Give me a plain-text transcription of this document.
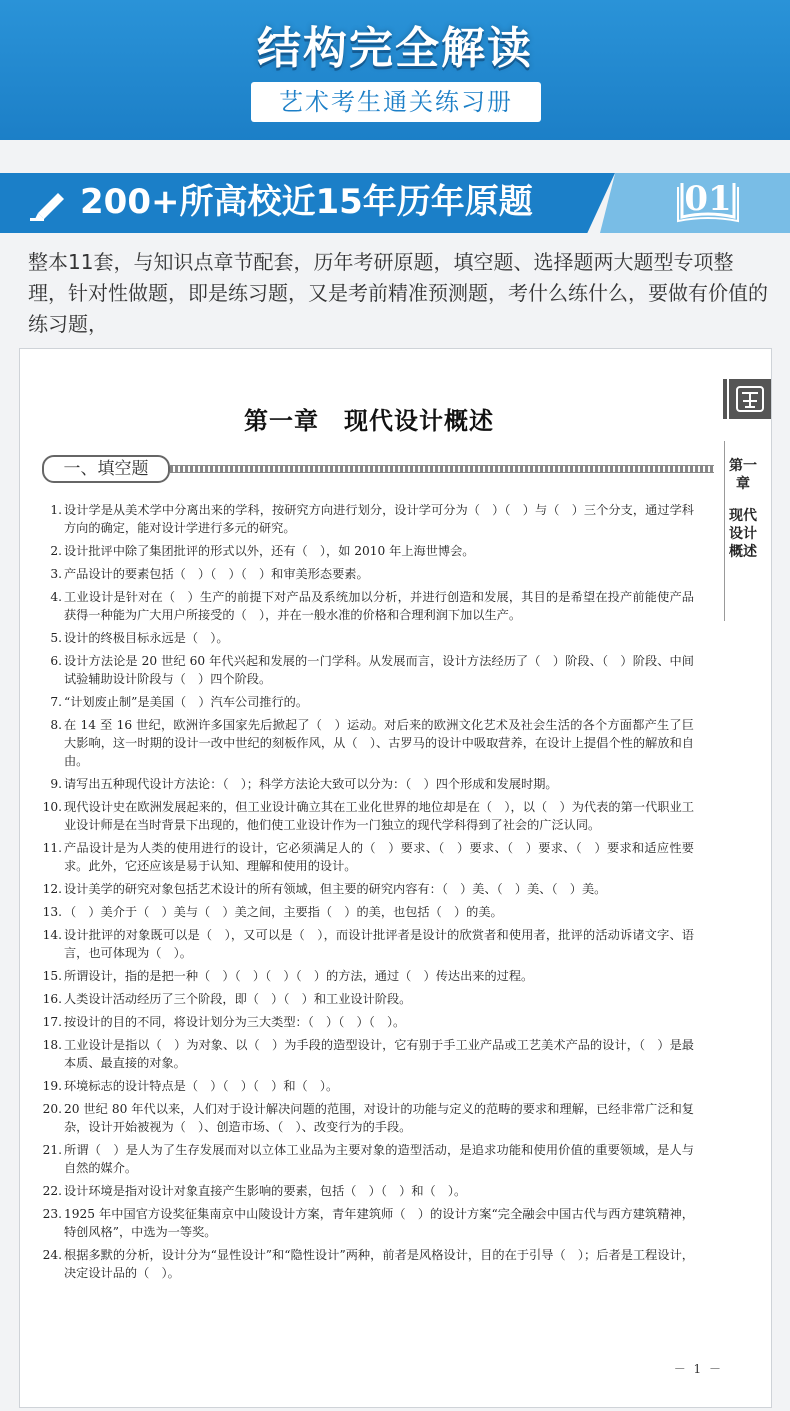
结构完全解读
艺术考生通关练习册
200+所高校近15年历年原题	01
整本11套，与知识点章节配套，历年考研原题，填空题、选择题两大题型专项整理，针对性做题，即是练习题，又是考前精准预测题，考什么练什么，要做有价值的练习题，
第一章　现代设计概述
第一章
现代设计概述
一、填空题
1. 设计学是从美术学中分离出来的学科，按研究方向进行划分，设计学可分为（　）（　）与（　）三个分支，通过学科方向的确定，能对设计学进行多元的研究。
2. 设计批评中除了集团批评的形式以外，还有（　），如 2010 年上海世博会。
3. 产品设计的要素包括（　）（　）（　）和审美形态要素。
4. 工业设计是针对在（　）生产的前提下对产品及系统加以分析，并进行创造和发展，其目的是希望在投产前能使产品获得一种能为广大用户所接受的（　），并在一般水准的价格和合理利润下加以生产。
5. 设计的终极目标永远是（　）。
6. 设计方法论是 20 世纪 60 年代兴起和发展的一门学科。从发展而言，设计方法经历了（　）阶段、（　）阶段、中间试验辅助设计阶段与（　）四个阶段。
7. “计划废止制”是美国（　）汽车公司推行的。
8. 在 14 至 16 世纪，欧洲许多国家先后掀起了（　）运动。对后来的欧洲文化艺术及社会生活的各个方面都产生了巨大影响，这一时期的设计一改中世纪的刻板作风，从（　）、古罗马的设计中吸取营养，在设计上提倡个性的解放和自由。
9. 请写出五种现代设计方法论：（　）；科学方法论大致可以分为：（　）四个形成和发展时期。
10. 现代设计史在欧洲发展起来的，但工业设计确立其在工业化世界的地位却是在（　），以（　）为代表的第一代职业工业设计师是在当时背景下出现的，他们使工业设计作为一门独立的现代学科得到了社会的广泛认同。
11. 产品设计是为人类的使用进行的设计，它必须满足人的（　）要求、（　）要求、（　）要求、（　）要求和适应性要求。此外，它还应该是易于认知、理解和使用的设计。
12. 设计美学的研究对象包括艺术设计的所有领域，但主要的研究内容有：（　）美、（　）美、（　）美。
13. （　）美介于（　）美与（　）美之间，主要指（　）的美，也包括（　）的美。
14. 设计批评的对象既可以是（　），又可以是（　），而设计批评者是设计的欣赏者和使用者，批评的活动诉诸文字、语言，也可体现为（　）。
15. 所谓设计，指的是把一种（　）（　）（　）（　）的方法，通过（　）传达出来的过程。
16. 人类设计活动经历了三个阶段，即（　）（　）和工业设计阶段。
17. 按设计的目的不同，将设计划分为三大类型：（　）（　）（　）。
18. 工业设计是指以（　）为对象、以（　）为手段的造型设计，它有别于手工业产品或工艺美术产品的设计，（　）是最本质、最直接的对象。
19. 环境标志的设计特点是（　）（　）（　）和（　）。
20. 20 世纪 80 年代以来，人们对于设计解决问题的范围，对设计的功能与定义的范畴的要求和理解，已经非常广泛和复杂，设计开始被视为（　）、创造市场、（　）、改变行为的手段。
21. 所谓（　）是人为了生存发展而对以立体工业品为主要对象的造型活动，是追求功能和使用价值的重要领域，是人与自然的媒介。
22. 设计环境是指对设计对象直接产生影响的要素，包括（　）（　）和（　）。
23. 1925 年中国官方设奖征集南京中山陵设计方案，青年建筑师（　）的设计方案“完全融会中国古代与西方建筑精神，特创风格”，中选为一等奖。
24. 根据多默的分析，设计分为“显性设计”和“隐性设计”两种，前者是风格设计，目的在于引导（　）；后者是工程设计，决定设计品的（　）。
－ 1 －
